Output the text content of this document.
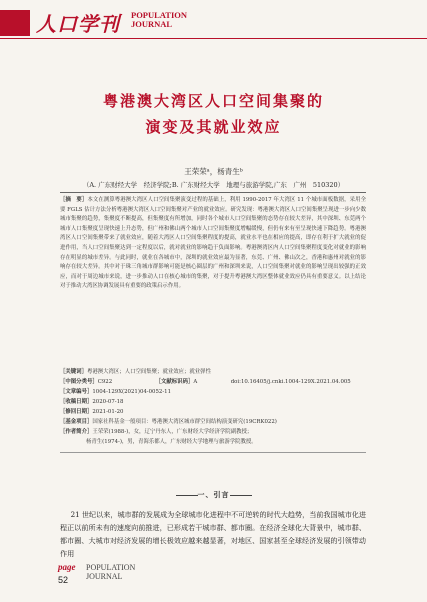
人口学刊 POPULATION
JOURNAL
粤港澳大湾区人口空间集聚的
演变及其就业效应
王荣荣ᵃ，杨青生ᵇ
（A. 广东财经大学　经济学院;B. 广东财经大学　地理与旅游学院,广东　广州　510320）
［摘　要］本文在测算粤港澳大湾区人口空间集聚演变过程的基础上，利用 1990-2017 年大湾区 11 个城市面板数据，采用全要 FGLS 估计方法分析粤港澳大湾区人口空间集聚对产业的就业效应。研究发现：粤港澳大湾区人口空间集聚呈现进一步向少数城市集聚的趋势，集聚度不断提高，但集聚度有所增加，同时各个城市人口空间集聚的态势存在较大差异，其中深圳、东莞两个城市人口集聚度呈现快速上升态势，但广州和佛山两个城市人口空间集聚度增幅缓慢，但仍有来有至呈现快速下降趋势。粤港澳湾区人口空间集聚带来了就业效应，随着大湾区人口空间集聚程度的提高，就业水平也在相应的提高，即存在利于扩大就业的促进作用，当人口空间集聚达到一定程度以后，就对就业的影响趋于负面影响。粤港澳湾区内人口空间集聚程度变化对就业的影响存在明显的城市差异。与此同时，就业在各城市中，深圳的就业效应最为显著，东莞、广州、佛山次之，香港和惠州对就业的影响存在较大差异。其中对于珠三角城市群影响可能是核心圈层的广州和深圳来说，人口空间集聚对就业的影响呈现出较强的正效应，而对于周边城市来说，进一步推动人口在核心城市的集聚，对于提升粤港澳大湾区整体就业效应仍具有重要意义。以上结论对于推动大湾区协调发展具有重要的政策启示作用。
［关键词］粤港澳大湾区；人口空间集聚；就业效应；就业弹性
［中图分类号］C922	［文献标识码］A	doi:10.16405/j.cnki.1004-129X.2021.04.005
［文章编号］1004-129X(2021)04-0052-11
［收稿日期］2020-07-18
［修回日期］2021-01-20
［基金项目］国家社科基金一般项目：粤港澳大湾区城市群空间结构演变研究(19CRK022)
［作者简介］王荣荣(1988-)，女，辽宁丹东人，广东财经大学经济学院副教授；
杨青生(1974-)，男，青海乐都人，广东财经大学地理与旅游学院教授。
一、引言

21 世纪以来，城市群的发展成为全球城市化进程中不可逆转的时代大趋势，当前我国城市化进程正以前所未有的速度向前推进，已形成若干城市群、都市圈。在经济全球化大背景中，城市群、都市圈、大城市对经济发展的增长极效应越来越显著，对地区、国家甚至全球经济发展的引领带动作用

page
52
POPULATION
JOURNAL
